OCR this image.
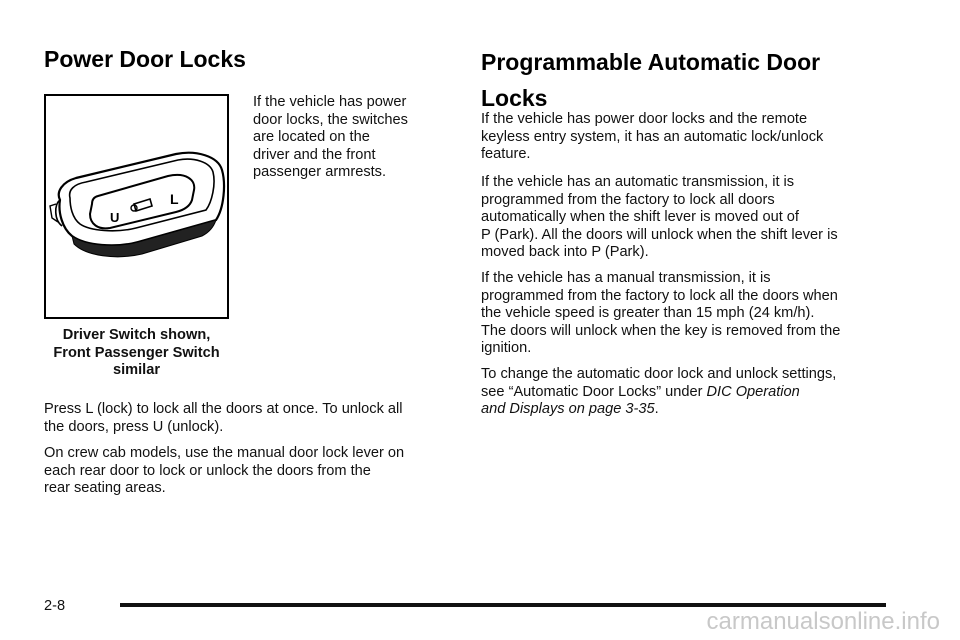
Power Door Locks
U
L
If the vehicle has power
door locks, the switches
are located on the
driver and the front
passenger armrests.
Driver Switch shown,
Front Passenger Switch
similar
Press L (lock) to lock all the doors at once. To unlock all
the doors, press U (unlock).
On crew cab models, use the manual door lock lever on
each rear door to lock or unlock the doors from the
rear seating areas.
Programmable Automatic Door
Locks
If the vehicle has power door locks and the remote
keyless entry system, it has an automatic lock/unlock
feature.
If the vehicle has an automatic transmission, it is
programmed from the factory to lock all doors
automatically when the shift lever is moved out of
P (Park). All the doors will unlock when the shift lever is
moved back into P (Park).
If the vehicle has a manual transmission, it is
programmed from the factory to lock all the doors when
the vehicle speed is greater than 15 mph (24 km/h).
The doors will unlock when the key is removed from the
ignition.
To change the automatic door lock and unlock settings,
see “Automatic Door Locks” under DIC Operation
and Displays on page 3-35.
2-8
carmanualsonline.info
